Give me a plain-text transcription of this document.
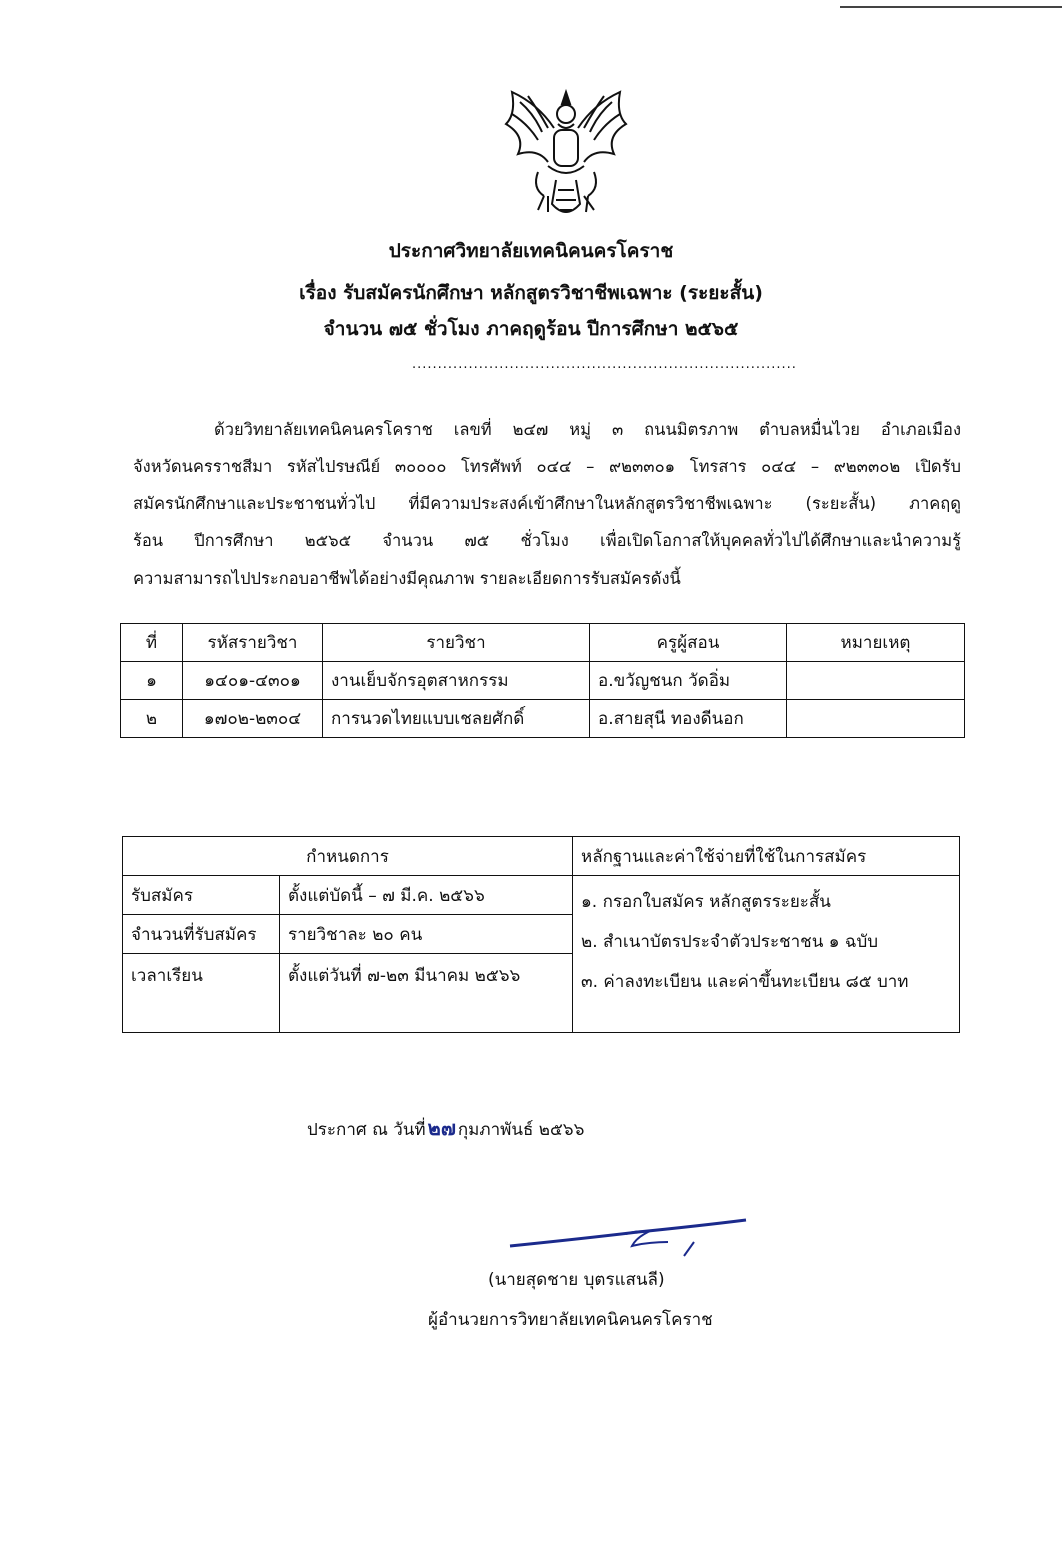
ประกาศวิทยาลัยเทคนิคนครโคราช
เรื่อง รับสมัครนักศึกษา หลักสูตรวิชาชีพเฉพาะ (ระยะสั้น)
จำนวน ๗๕ ชั่วโมง ภาคฤดูร้อน ปีการศึกษา ๒๕๖๕
...........................................................................
ด้วยวิทยาลัยเทคนิคนครโคราช เลขที่ ๒๔๗ หมู่ ๓ ถนนมิตรภาพ ตำบลหมื่นไวย อำเภอเมือง
จังหวัดนครราชสีมา รหัสไปรษณีย์ ๓๐๐๐๐ โทรศัพท์ ๐๔๔ – ๙๒๓๓๐๑ โทรสาร ๐๔๔ – ๙๒๓๓๐๒ เปิดรับ
สมัครนักศึกษาและประชาชนทั่วไป ที่มีความประสงค์เข้าศึกษาในหลักสูตรวิชาชีพเฉพาะ (ระยะสั้น) ภาคฤดู
ร้อน ปีการศึกษา ๒๕๖๕ จำนวน ๗๕ ชั่วโมง เพื่อเปิดโอกาสให้บุคคลทั่วไปได้ศึกษาและนำความรู้
ความสามารถไปประกอบอาชีพได้อย่างมีคุณภาพ รายละเอียดการรับสมัครดังนี้
ที่	รหัสรายวิชา	รายวิชา	ครูผู้สอน	หมายเหตุ
๑	๑๔๐๑-๔๓๐๑	งานเย็บจักรอุตสาหกรรม	อ.ขวัญชนก วัดอิ่ม	
๒	๑๗๐๒-๒๓๐๔	การนวดไทยแบบเชลยศักดิ์	อ.สายสุนี ทองดีนอก	
กำหนดการ		หลักฐานและค่าใช้จ่ายที่ใช้ในการสมัคร
รับสมัคร	ตั้งแต่บัดนี้ – ๗ มี.ค. ๒๕๖๖	๑. กรอกใบสมัคร หลักสูตรระยะสั้น
๒. สำเนาบัตรประจำตัวประชาชน ๑ ฉบับ
๓. ค่าลงทะเบียน และค่าขึ้นทะเบียน ๘๕ บาท

จำนวนที่รับสมัคร	รายวิชาละ ๒๐ คน	
เวลาเรียน	ตั้งแต่วันที่ ๗-๒๓ มีนาคม ๒๕๖๖	
ประกาศ ณ วันที่ ๒๗ กุมภาพันธ์ ๒๕๖๖
(นายสุดชาย บุตรแสนลี)
ผู้อำนวยการวิทยาลัยเทคนิคนครโคราช
